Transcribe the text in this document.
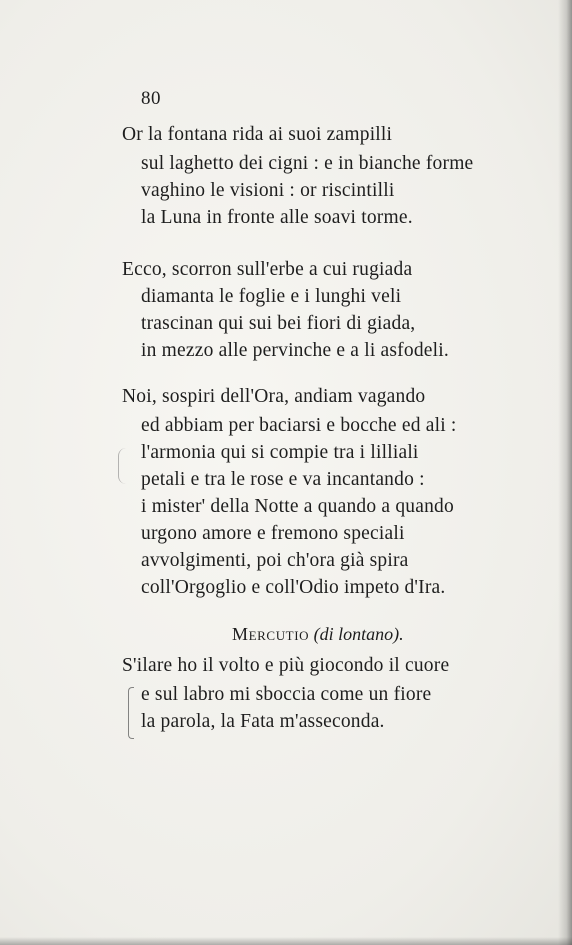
80
Or la fontana rida ai suoi zampilli
sul laghetto dei cigni : e in bianche forme
vaghino le visioni : or riscintilli
la Luna in fronte alle soavi torme.
Ecco, scorron sull'erbe a cui rugiada
diamanta le foglie e i lunghi veli
trascinan qui sui bei fiori di giada,
in mezzo alle pervinche e a li asfodeli.
Noi, sospiri dell'Ora, andiam vagando
ed abbiam per baciarsi e bocche ed ali :
l'armonia qui si compie tra i lilliali
petali e tra le rose e va incantando :
i mister' della Notte a quando a quando
urgono amore e fremono speciali
avvolgimenti, poi ch'ora già spira
coll'Orgoglio e coll'Odio impeto d'Ira.
Mercutio (di lontano).
S'ilare ho il volto e più giocondo il cuore
e sul labro mi sboccia come un fiore
la parola, la Fata m'asseconda.
